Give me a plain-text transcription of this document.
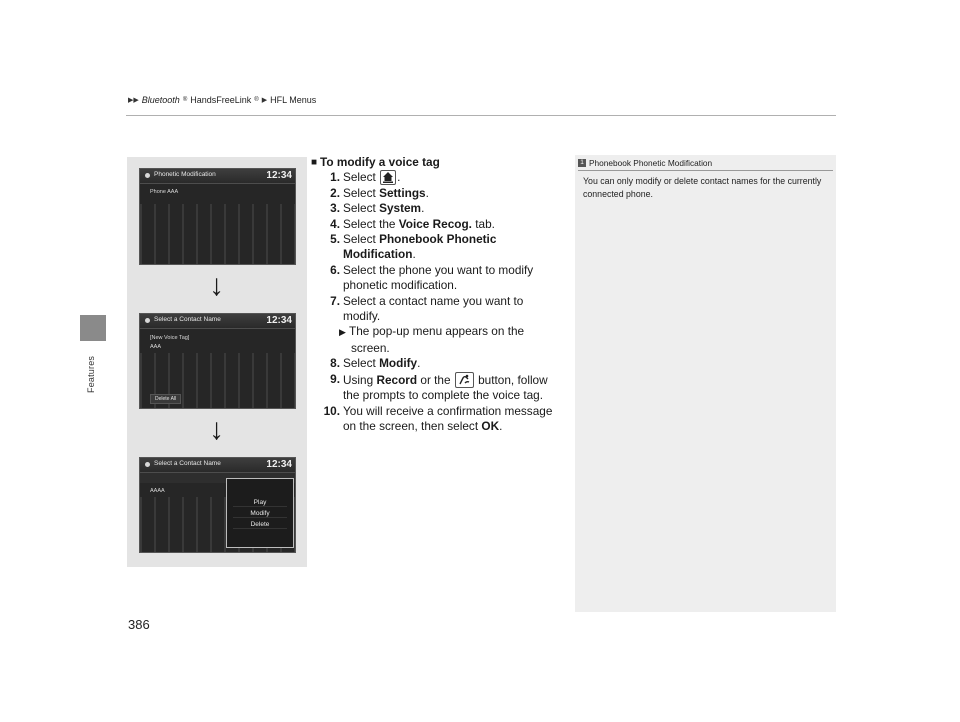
▶▶ Bluetooth ® HandsFreeLink ® ▶ HFL Menus
Features
Phonetic Modification	12:34
Phone AAA
↓
Select a Contact Name	12:34
[New Voice Tag]
AAA
Delete All
↓
Select a Contact Name	12:34
AAAA
Play
Modify
Delete
■ To modify a voice tag
1. Select .
2. Select Settings.
3. Select System.
4. Select the Voice Recog. tab.
5. Select Phonebook Phonetic Modification.
6. Select the phone you want to modify phonetic modification.
7. Select a contact name you want to modify.
▶ The pop-up menu appears on the screen.
8. Select Modify.
9. Using Record or the button, follow the prompts to complete the voice tag.
10. You will receive a confirmation message on the screen, then select OK.
1 Phonebook Phonetic Modification
You can only modify or delete contact names for the currently connected phone.
386
